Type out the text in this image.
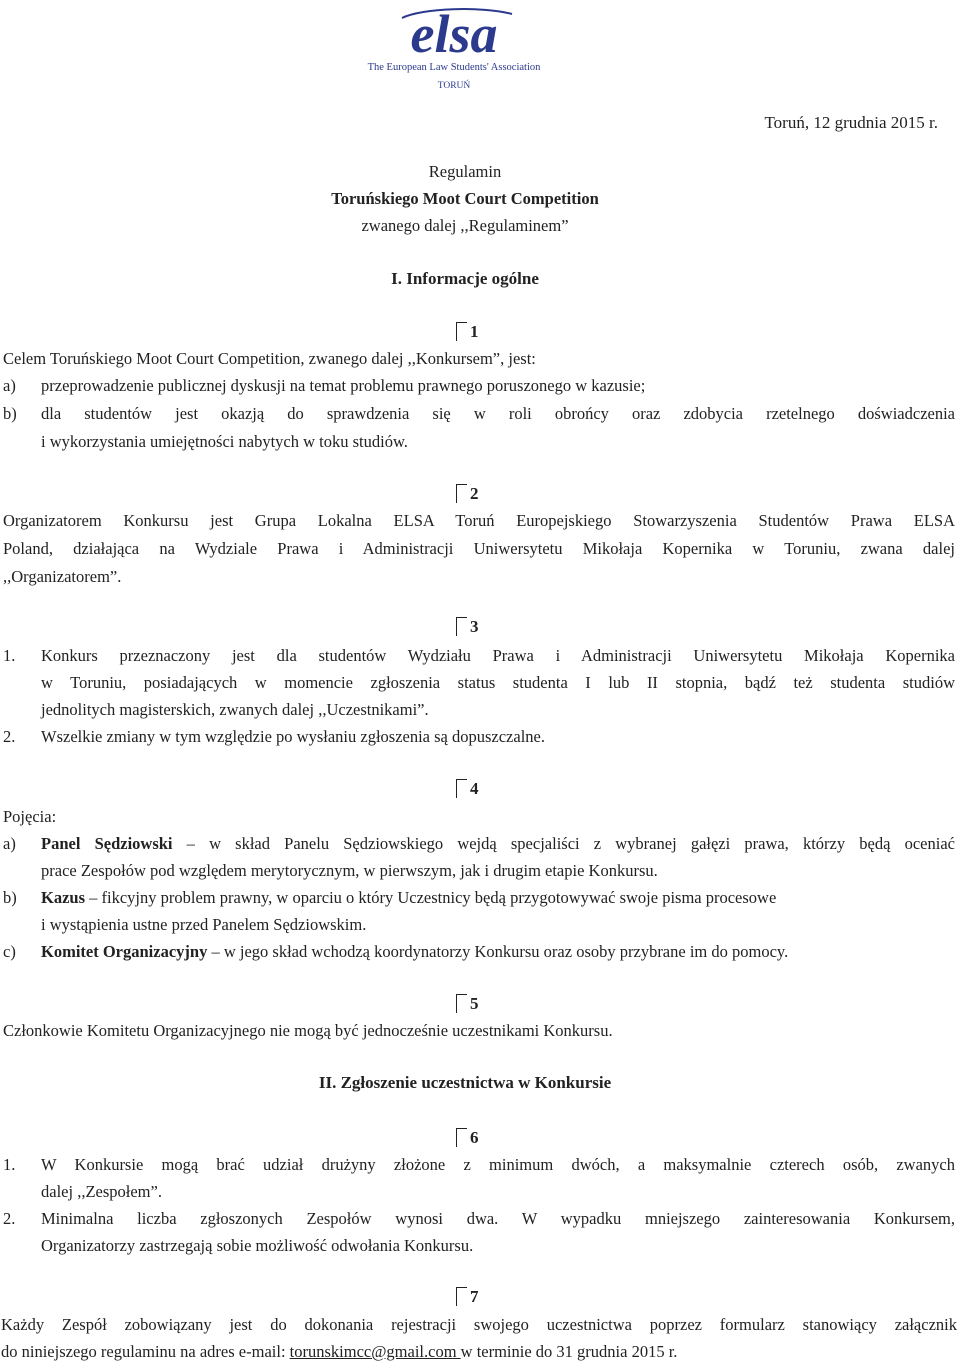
elsa
The European Law Students' Association
TORUŃ
Toruń, 12 grudnia 2015 r.
Regulamin
Toruńskiego Moot Court Competition
zwanego dalej ,,Regulaminem”
I. Informacje ogólne
1
Celem Toruńskiego Moot Court Competition, zwanego dalej ,,Konkursem”, jest:
a) przeprowadzenie publicznej dyskusji na temat problemu prawnego poruszonego w kazusie;
b) dla studentów jest okazją do sprawdzenia się w roli obrońcy oraz zdobycia rzetelnego doświadczenia
i wykorzystania umiejętności nabytych w toku studiów.
2
Organizatorem Konkursu jest Grupa Lokalna ELSA Toruń Europejskiego Stowarzyszenia Studentów Prawa ELSA
Poland, działająca na Wydziale Prawa i Administracji Uniwersytetu Mikołaja Kopernika w Toruniu, zwana dalej
,,Organizatorem”.
3
1. Konkurs przeznaczony jest dla studentów Wydziału Prawa i Administracji Uniwersytetu Mikołaja Kopernika
w Toruniu, posiadających w momencie zgłoszenia status studenta I lub II stopnia, bądź też studenta studiów
jednolitych magisterskich, zwanych dalej ,,Uczestnikami”.
2. Wszelkie zmiany w tym względzie po wysłaniu zgłoszenia są dopuszczalne.
4
Pojęcia:
a) Panel Sędziowski – w skład Panelu Sędziowskiego wejdą specjaliści z wybranej gałęzi prawa, którzy będą oceniać
prace Zespołów pod względem merytorycznym, w pierwszym, jak i drugim etapie Konkursu.
b) Kazus – fikcyjny problem prawny, w oparciu o który Uczestnicy będą przygotowywać swoje pisma procesowe
i wystąpienia ustne przed Panelem Sędziowskim.
c) Komitet Organizacyjny – w jego skład wchodzą koordynatorzy Konkursu oraz osoby przybrane im do pomocy.
5
Członkowie Komitetu Organizacyjnego nie mogą być jednocześnie uczestnikami Konkursu.
II. Zgłoszenie uczestnictwa w Konkursie
6
1. W Konkursie mogą brać udział drużyny złożone z minimum dwóch, a maksymalnie czterech osób, zwanych
dalej ,,Zespołem”.
2. Minimalna liczba zgłoszonych Zespołów wynosi dwa. W wypadku mniejszego zainteresowania Konkursem,
Organizatorzy zastrzegają sobie możliwość odwołania Konkursu.
7
Każdy Zespół zobowiązany jest do dokonania rejestracji swojego uczestnictwa poprzez formularz stanowiący załącznik
do niniejszego regulaminu na adres e-mail: torunskimcc@gmail.com w terminie do 31 grudnia 2015 r.
